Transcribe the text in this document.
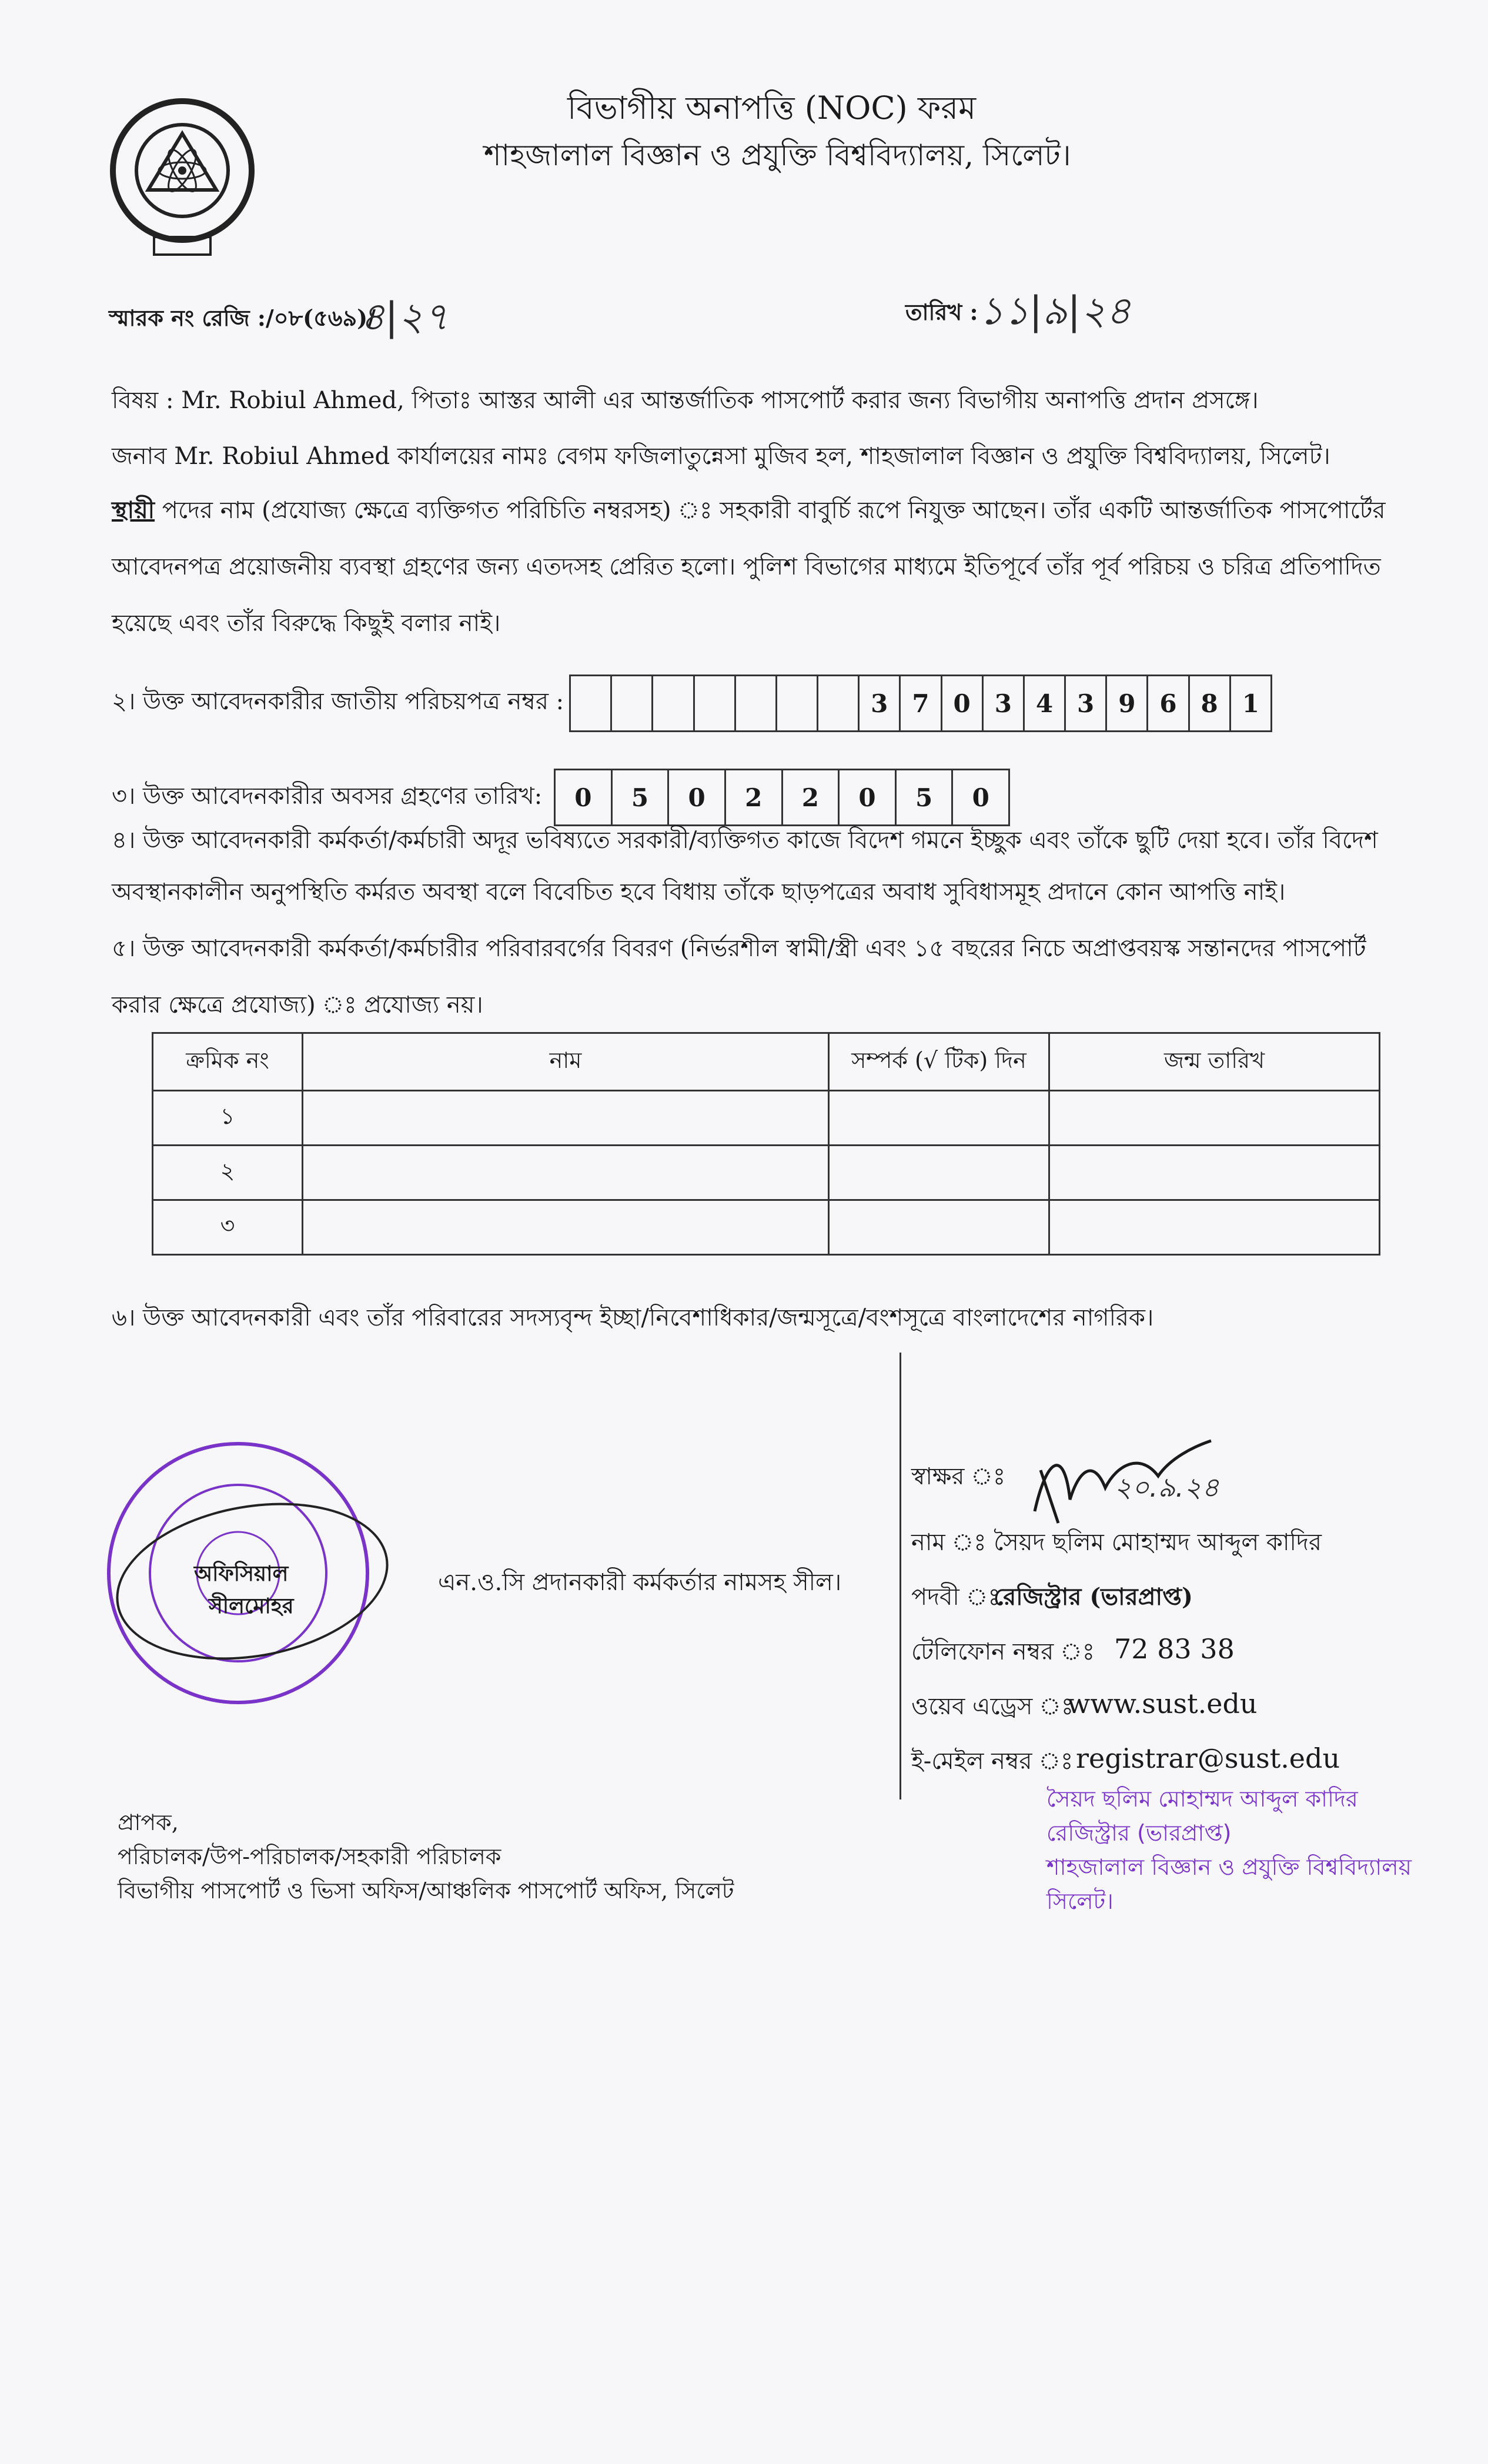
বিভাগীয় অনাপত্তি (NOC) ফরম
শাহজালাল বিজ্ঞান ও প্রযুক্তি বিশ্ববিদ্যালয়, সিলেট।
স্মারক নং রেজি :/০৮(৫৬৯)/
৪|২৭	তারিখ : ১১|৯|২৪
বিষয় : Mr. Robiul Ahmed, পিতাঃ আস্তর আলী এর আন্তর্জাতিক পাসপোর্ট করার জন্য বিভাগীয় অনাপত্তি প্রদান প্রসঙ্গে।
জনাব Mr. Robiul Ahmed কার্যালয়ের নামঃ বেগম ফজিলাতুন্নেসা মুজিব হল, শাহজালাল বিজ্ঞান ও প্রযুক্তি বিশ্ববিদ্যালয়, সিলেট।
স্থায়ী পদের নাম (প্রযোজ্য ক্ষেত্রে ব্যক্তিগত পরিচিতি নম্বরসহ) ঃ সহকারী বাবুর্চি রূপে নিযুক্ত আছেন। তাঁর একটি আন্তর্জাতিক পাসপোর্টের আবেদনপত্র প্রয়োজনীয় ব্যবস্থা গ্রহণের জন্য এতদসহ প্রেরিত হলো। পুলিশ বিভাগের মাধ্যমে ইতিপূর্বে তাঁর পূর্ব পরিচয় ও চরিত্র প্রতিপাদিত হয়েছে এবং তাঁর বিরুদ্ধে কিছুই বলার নাই।
২। উক্ত আবেদনকারীর জাতীয় পরিচয়পত্র নম্বর :	3 7 0 3 4 3 9 6 8 1
৩। উক্ত আবেদনকারীর অবসর গ্রহণের তারিখ:	0	5	0	2	2	0	5	0
৪। উক্ত আবেদনকারী কর্মকর্তা/কর্মচারী অদূর ভবিষ্যতে সরকারী/ব্যক্তিগত কাজে বিদেশ গমনে ইচ্ছুক এবং তাঁকে ছুটি দেয়া হবে। তাঁর বিদেশ অবস্থানকালীন অনুপস্থিতি কর্মরত অবস্থা বলে বিবেচিত হবে বিধায় তাঁকে ছাড়পত্রের অবাধ সুবিধাসমূহ প্রদানে কোন আপত্তি নাই।
৫। উক্ত আবেদনকারী কর্মকর্তা/কর্মচারীর পরিবারবর্গের বিবরণ (নির্ভরশীল স্বামী/স্ত্রী এবং ১৫ বছরের নিচে অপ্রাপ্তবয়স্ক সন্তানদের পাসপোর্ট করার ক্ষেত্রে প্রযোজ্য) ঃ প্রযোজ্য নয়।
ক্রমিক নং	নাম	সম্পর্ক (√ টিক) দিন	জন্ম তারিখ
১			
২			
৩			
৬। উক্ত আবেদনকারী এবং তাঁর পরিবারের সদস্যবৃন্দ ইচ্ছা/নিবেশাধিকার/জন্মসূত্রে/বংশসূত্রে বাংলাদেশের নাগরিক।
অফিসিয়াল
সীলমোহর
এন.ও.সি প্রদানকারী কর্মকর্তার নামসহ সীল।
স্বাক্ষর ঃ	২০.৯.২৪
নাম ঃ সৈয়দ ছলিম মোহাম্মদ আব্দুল কাদির
পদবী ঃ
রেজিস্ট্রার (ভারপ্রাপ্ত)
টেলিফোন নম্বর ঃ 72 83 38
ওয়েব এড্রেস ঃ
www.sust.edu
ই-মেইল নম্বর ঃ registrar@sust.edu
সৈয়দ ছলিম মোহাম্মদ আব্দুল কাদির
রেজিস্ট্রার (ভারপ্রাপ্ত)
শাহজালাল বিজ্ঞান ও প্রযুক্তি বিশ্ববিদ্যালয়
সিলেট।
প্রাপক,
পরিচালক/উপ-পরিচালক/সহকারী পরিচালক
বিভাগীয় পাসপোর্ট ও ভিসা অফিস/আঞ্চলিক পাসপোর্ট অফিস, সিলেট
